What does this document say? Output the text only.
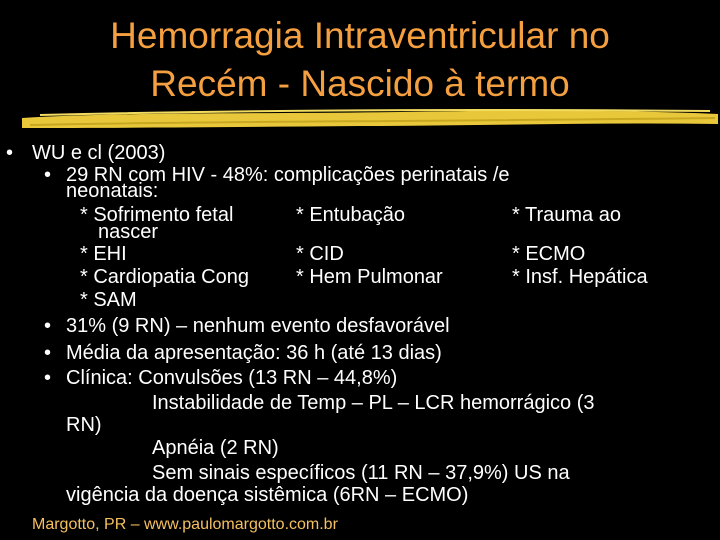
Hemorragia Intraventricular no
Recém - Nascido à termo
• WU e cl (2003)
• 29 RN com HIV - 48%: complicações perinatais /e
neonatais:
* Sofrimento fetal	* Entubação	* Trauma ao
nascer
* EHI	* CID	* ECMO
* Cardiopatia Cong * Hem Pulmonar	* Insf. Hepática
* SAM
• 31% (9 RN) – nenhum evento desfavorável
• Média da apresentação: 36 h (até 13 dias)
• Clínica: Convulsões (13 RN – 44,8%)
Instabilidade de Temp – PL – LCR hemorrágico (3
RN)
Apnéia (2 RN)
Sem sinais específicos (11 RN – 37,9%) US na
vigência da doença sistêmica (6RN – ECMO)
Margotto, PR – www.paulomargotto.com.br
